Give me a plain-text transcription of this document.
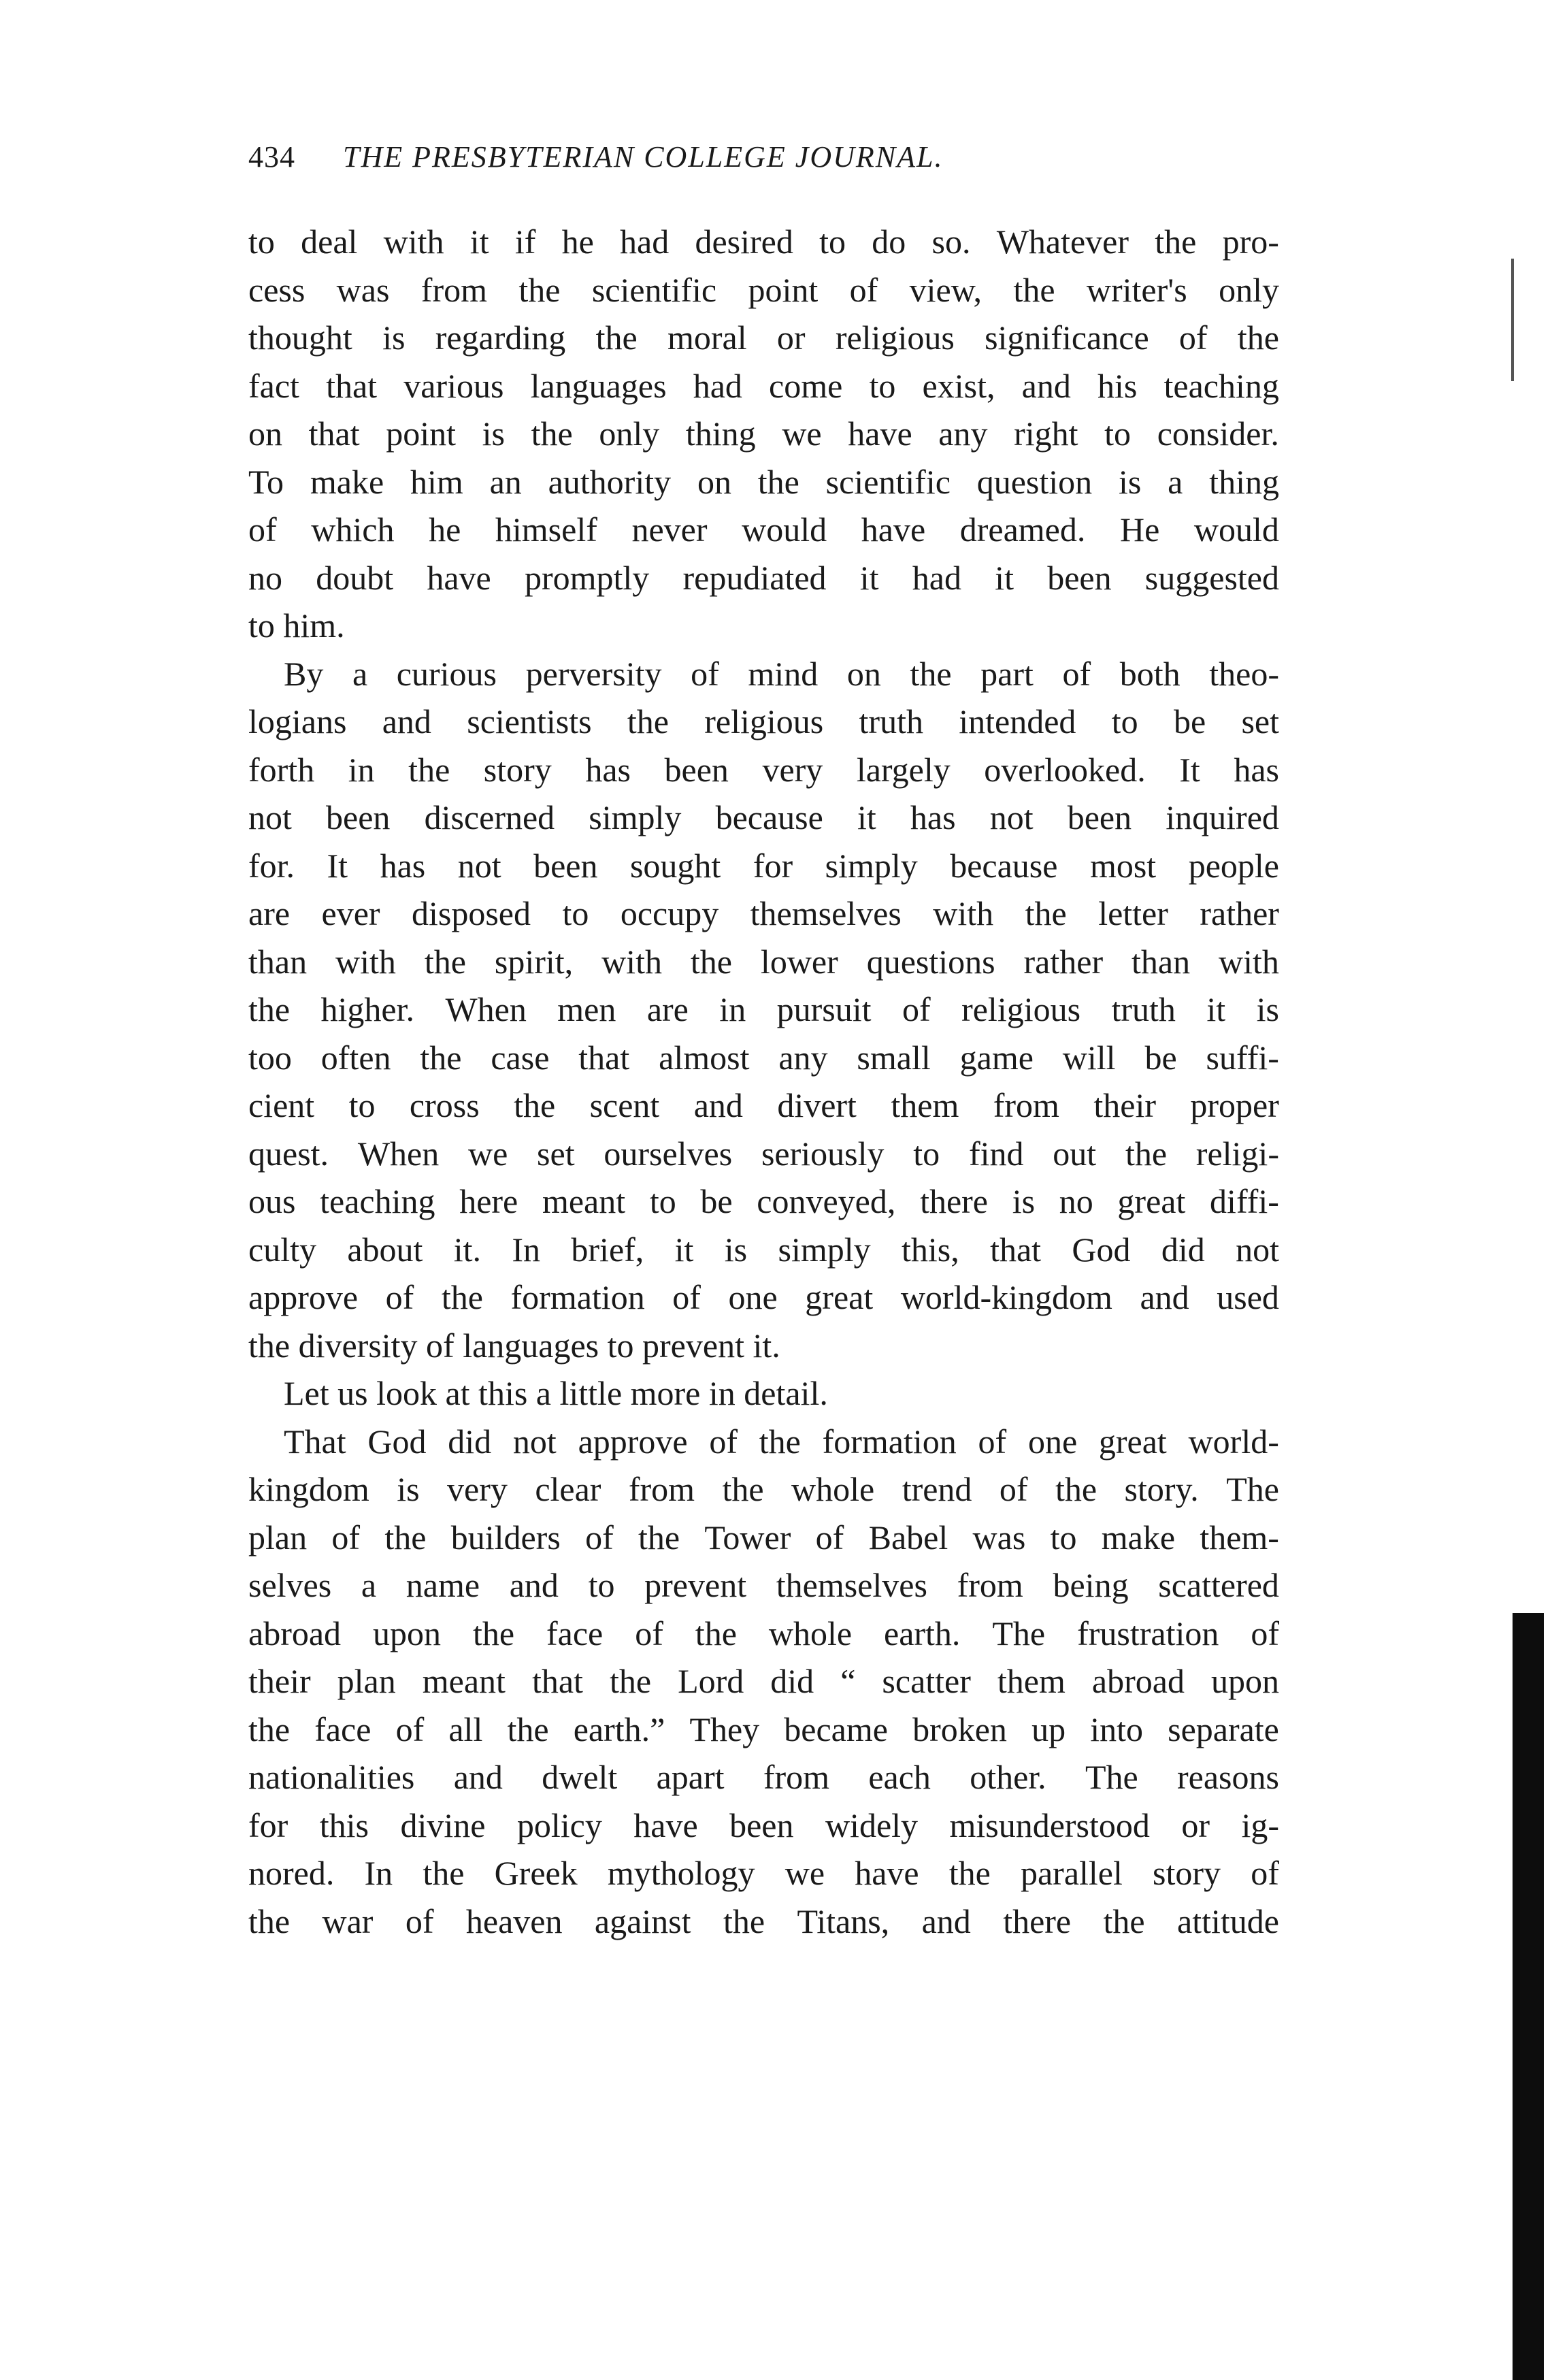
434 THE PRESBYTERIAN COLLEGE JOURNAL.
to deal with it if he had desired to do so. Whatever the pro-
cess was from the scientific point of view, the writer's only
thought is regarding the moral or religious significance of the
fact that various languages had come to exist, and his teaching
on that point is the only thing we have any right to consider.
To make him an authority on the scientific question is a thing
of which he himself never would have dreamed. He would
no doubt have promptly repudiated it had it been suggested
to him.
By a curious perversity of mind on the part of both theo-
logians and scientists the religious truth intended to be set
forth in the story has been very largely overlooked. It has
not been discerned simply because it has not been inquired
for. It has not been sought for simply because most people
are ever disposed to occupy themselves with the letter rather
than with the spirit, with the lower questions rather than with
the higher. When men are in pursuit of religious truth it is
too often the case that almost any small game will be suffi-
cient to cross the scent and divert them from their proper
quest. When we set ourselves seriously to find out the religi-
ous teaching here meant to be conveyed, there is no great diffi-
culty about it. In brief, it is simply this, that God did not
approve of the formation of one great world-kingdom and used
the diversity of languages to prevent it.
Let us look at this a little more in detail.
That God did not approve of the formation of one great world-
kingdom is very clear from the whole trend of the story. The
plan of the builders of the Tower of Babel was to make them-
selves a name and to prevent themselves from being scattered
abroad upon the face of the whole earth. The frustration of
their plan meant that the Lord did “ scatter them abroad upon
the face of all the earth.” They became broken up into separate
nationalities and dwelt apart from each other. The reasons
for this divine policy have been widely misunderstood or ig-
nored. In the Greek mythology we have the parallel story of
the war of heaven against the Titans, and there the attitude
